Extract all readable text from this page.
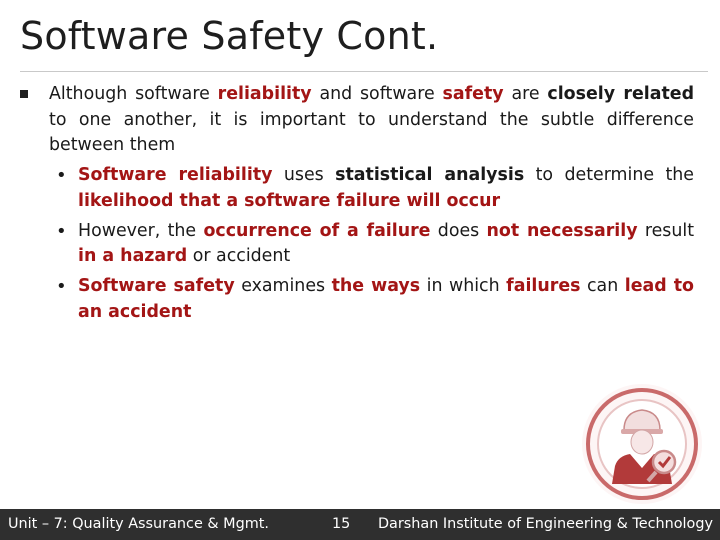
Software Safety Cont.
Although software reliability and software safety are closely related to one another, it is important to understand the subtle difference between them
• Software reliability uses statistical analysis to determine the likelihood that a software failure will occur
• However, the occurrence of a failure does not necessarily result in a hazard or accident
• Software safety examines the ways in which failures can lead to an accident
Unit – 7: Quality Assurance & Mgmt.	15 Darshan Institute of Engineering & Technology
